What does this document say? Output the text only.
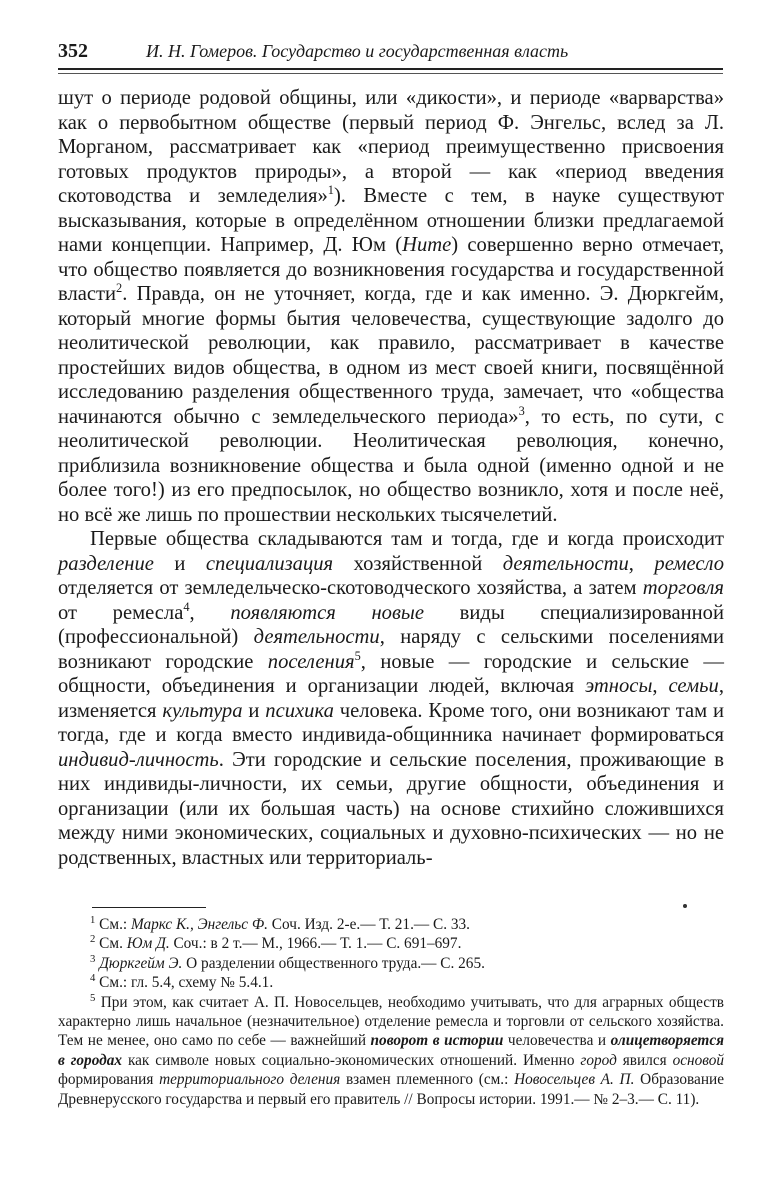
352	И. Н. Гомеров. Государство и государственная власть

шут о периоде родовой общины, или «дикости», и периоде «варварства» как о первобытном обществе (первый период Ф. Энгельс, вслед за Л. Морганом, рассматривает как «период преимущественно присвоения готовых продуктов природы», а второй — как «период введения скотоводства и земледелия»$^1$). Вместе с тем, в науке существуют высказывания, которые в определённом отношении близки предлагаемой нами концепции. Например, Д. Юм (Hume) совершенно верно отмечает, что общество появляется до возникновения государства и государственной власти$^2$. Правда, он не уточняет, когда, где и как именно. Э. Дюркгейм, который многие формы бытия человечества, существующие задолго до неолитической революции, как правило, рассматривает в качестве простейших видов общества, в одном из мест своей книги, посвящённой исследованию разделения общественного труда, замечает, что «общества начинаются обычно с земледельческого периода»$^3$, то есть, по сути, с неолитической революции. Неолитическая революция, конечно, приблизила возникновение общества и была одной (именно одной и не более того!) из его предпосылок, но общество возникло, хотя и после неё, но всё же лишь по прошествии нескольких тысячелетий.

Первые общества складываются там и тогда, где и когда происходит разделение и специализация хозяйственной деятельности, ремесло отделяется от земледельческо-скотоводческого хозяйства, а затем торговля от ремесла$^4$, появляются новые виды специализированной (профессиональной) деятельности, наряду с сельскими поселениями возникают городские поселения$^5$, новые — городские и сельские — общности, объединения и организации людей, включая этносы, семьи, изменяется культура и психика человека. Кроме того, они возникают там и тогда, где и когда вместо индивида-общинника начинает формироваться индивид-личность. Эти городские и сельские поселения, проживающие в них индивиды-личности, их семьи, другие общности, объединения и организации (или их большая часть) на основе стихийно сложившихся между ними экономических, социальных и духовно-психических — но не родственных, властных или территориаль-

$^1$ См.: Маркс К., Энгельс Ф. Соч. Изд. 2-е.— Т. 21.— С. 33.

$^2$ См. Юм Д. Соч.: в 2 т.— М., 1966.— Т. 1.— С. 691–697.

$^3$ Дюркгейм Э. О разделении общественного труда.— С. 265.

$^4$ См.: гл. 5.4, схему № 5.4.1.

$^5$ При этом, как считает А. П. Новосельцев, необходимо учитывать, что для аграрных обществ характерно лишь начальное (незначительное) отделение ремесла и торговли от сельского хозяйства. Тем не менее, оно само по себе — важнейший поворот в истории человечества и олицетворяется в городах как символе новых социально-экономических отношений. Именно город явился основой формирования территориального деления взамен племенного (см.: Новосельцев А. П. Образование Древнерусского государства и первый его правитель // Вопросы истории. 1991.— № 2–3.— С. 11).
